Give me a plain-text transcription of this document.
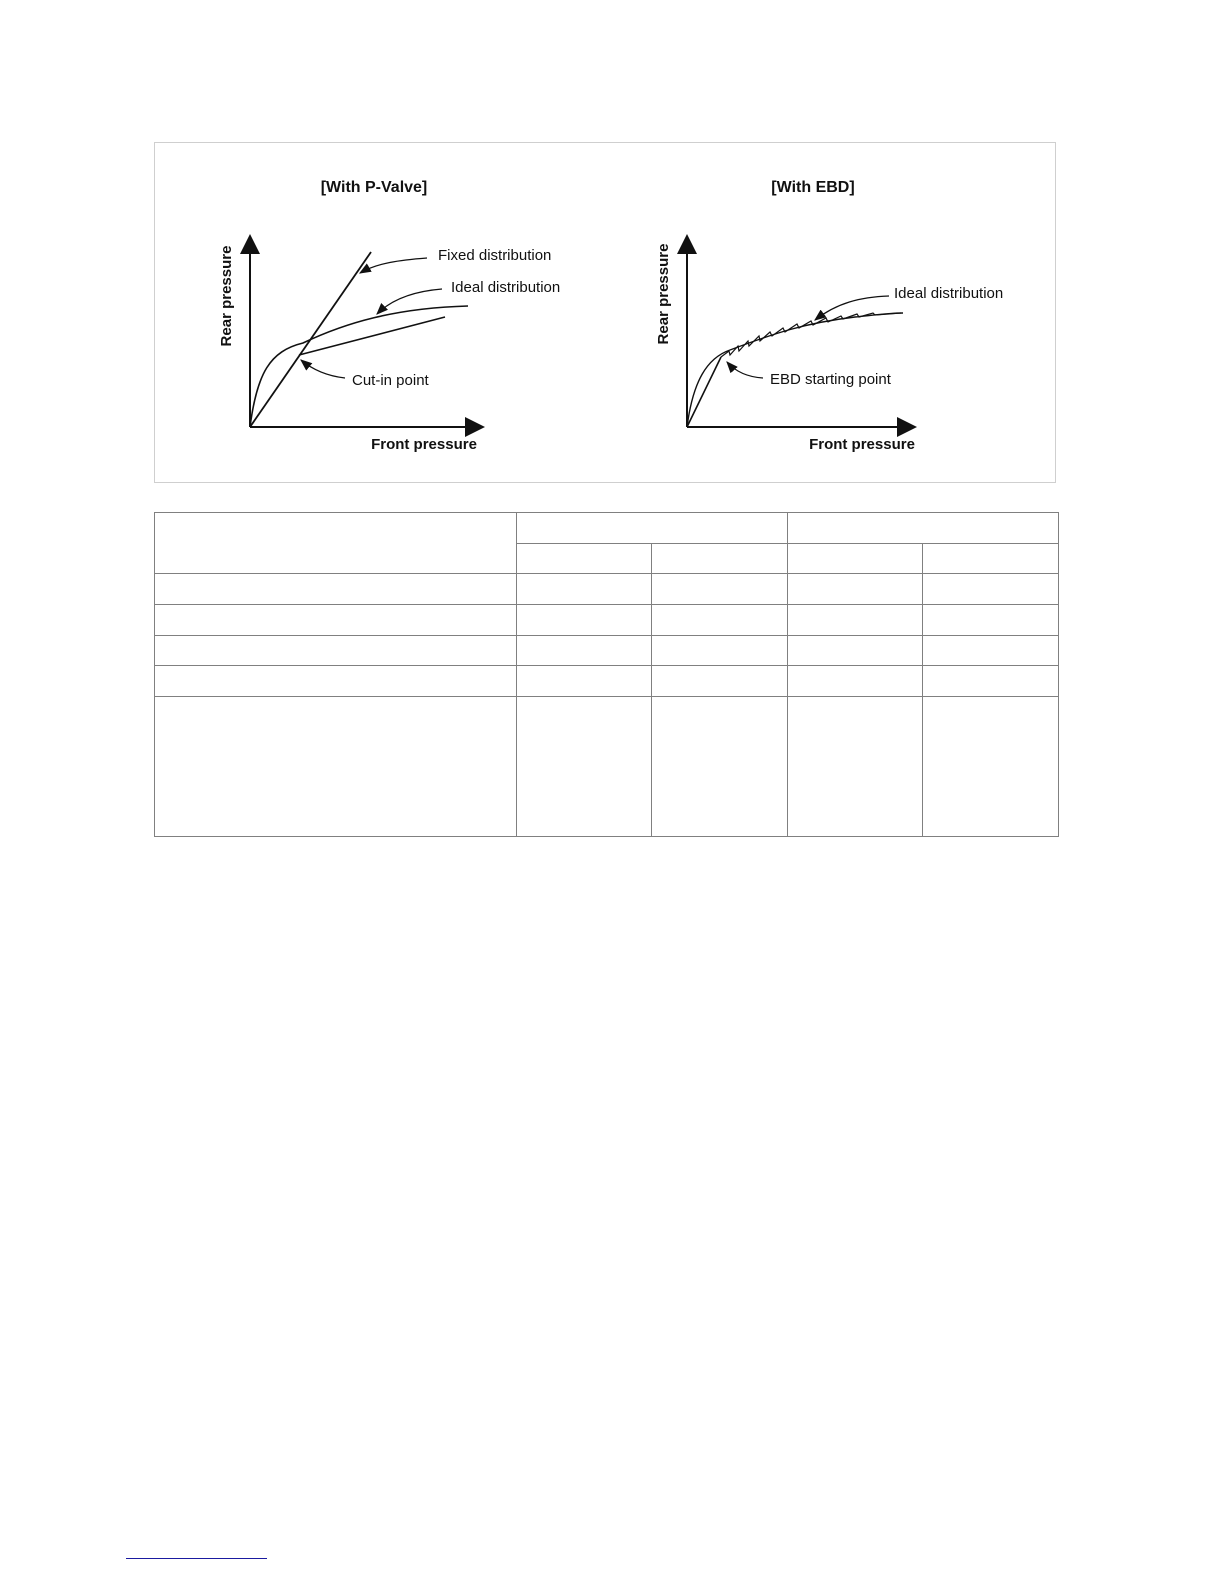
[With P-Valve]
Rear pressure
Front pressure
Fixed distribution
Ideal distribution
Cut-in point
[With EBD]
Rear pressure
Front pressure
Ideal distribution
EBD starting point
